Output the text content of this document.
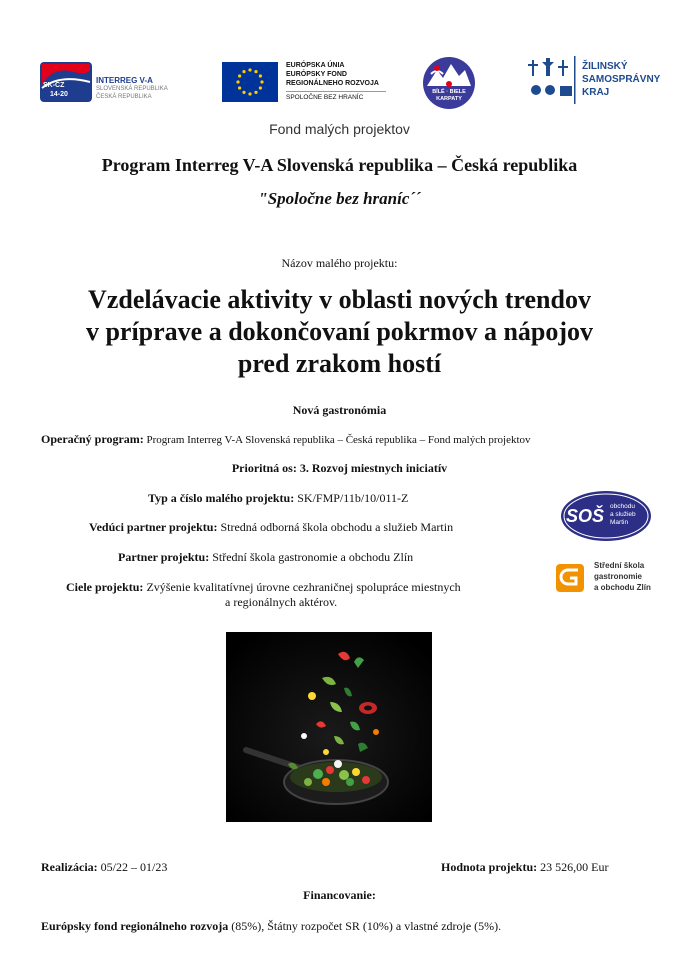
SK-CZ
14-20
INTERREG V-A
SLOVENSKÁ REPUBLIKA
ČESKÁ REPUBLIKA
EURÓPSKA ÚNIA
EURÓPSKY FOND
REGIONÁLNEHO ROZVOJA
SPOLOČNE BEZ HRANÍC
BÍLÉ · BIELE
KARPATY
ŽILINSKÝ
SAMOSPRÁVNY
KRAJ
Fond malých projektov
Program Interreg V-A Slovenská republika – Česká republika
"Spoločne bez hraníc´´
Názov malého projektu:
Vzdelávacie aktivity v oblasti nových trendov
v príprave a dokončovaní pokrmov a nápojov
pred zrakom hostí
Nová gastronómia
Operačný program: Program Interreg V-A Slovenská republika – Česká republika – Fond malých projektov
Prioritná os: 3. Rozvoj miestnych iniciatív
Typ a číslo malého projektu: SK/FMP/11b/10/011-Z
Vedúci partner projektu: Stredná odborná škola obchodu a služieb Martin
Partner projektu: Střední škola gastronomie a obchodu Zlín
Ciele projektu: Zvýšenie kvalitatívnej úrovne cezhraničnej spolupráce miestnych
a regionálnych aktérov.
SOŠ obchodu
a služieb
Martin
Střední škola
gastronomie
a obchodu Zlín
Realizácia: 05/22 – 01/23	Hodnota projektu: 23 526,00 Eur
Financovanie:
Európsky fond regionálneho rozvoja (85%), Štátny rozpočet SR (10%) a vlastné zdroje (5%).
